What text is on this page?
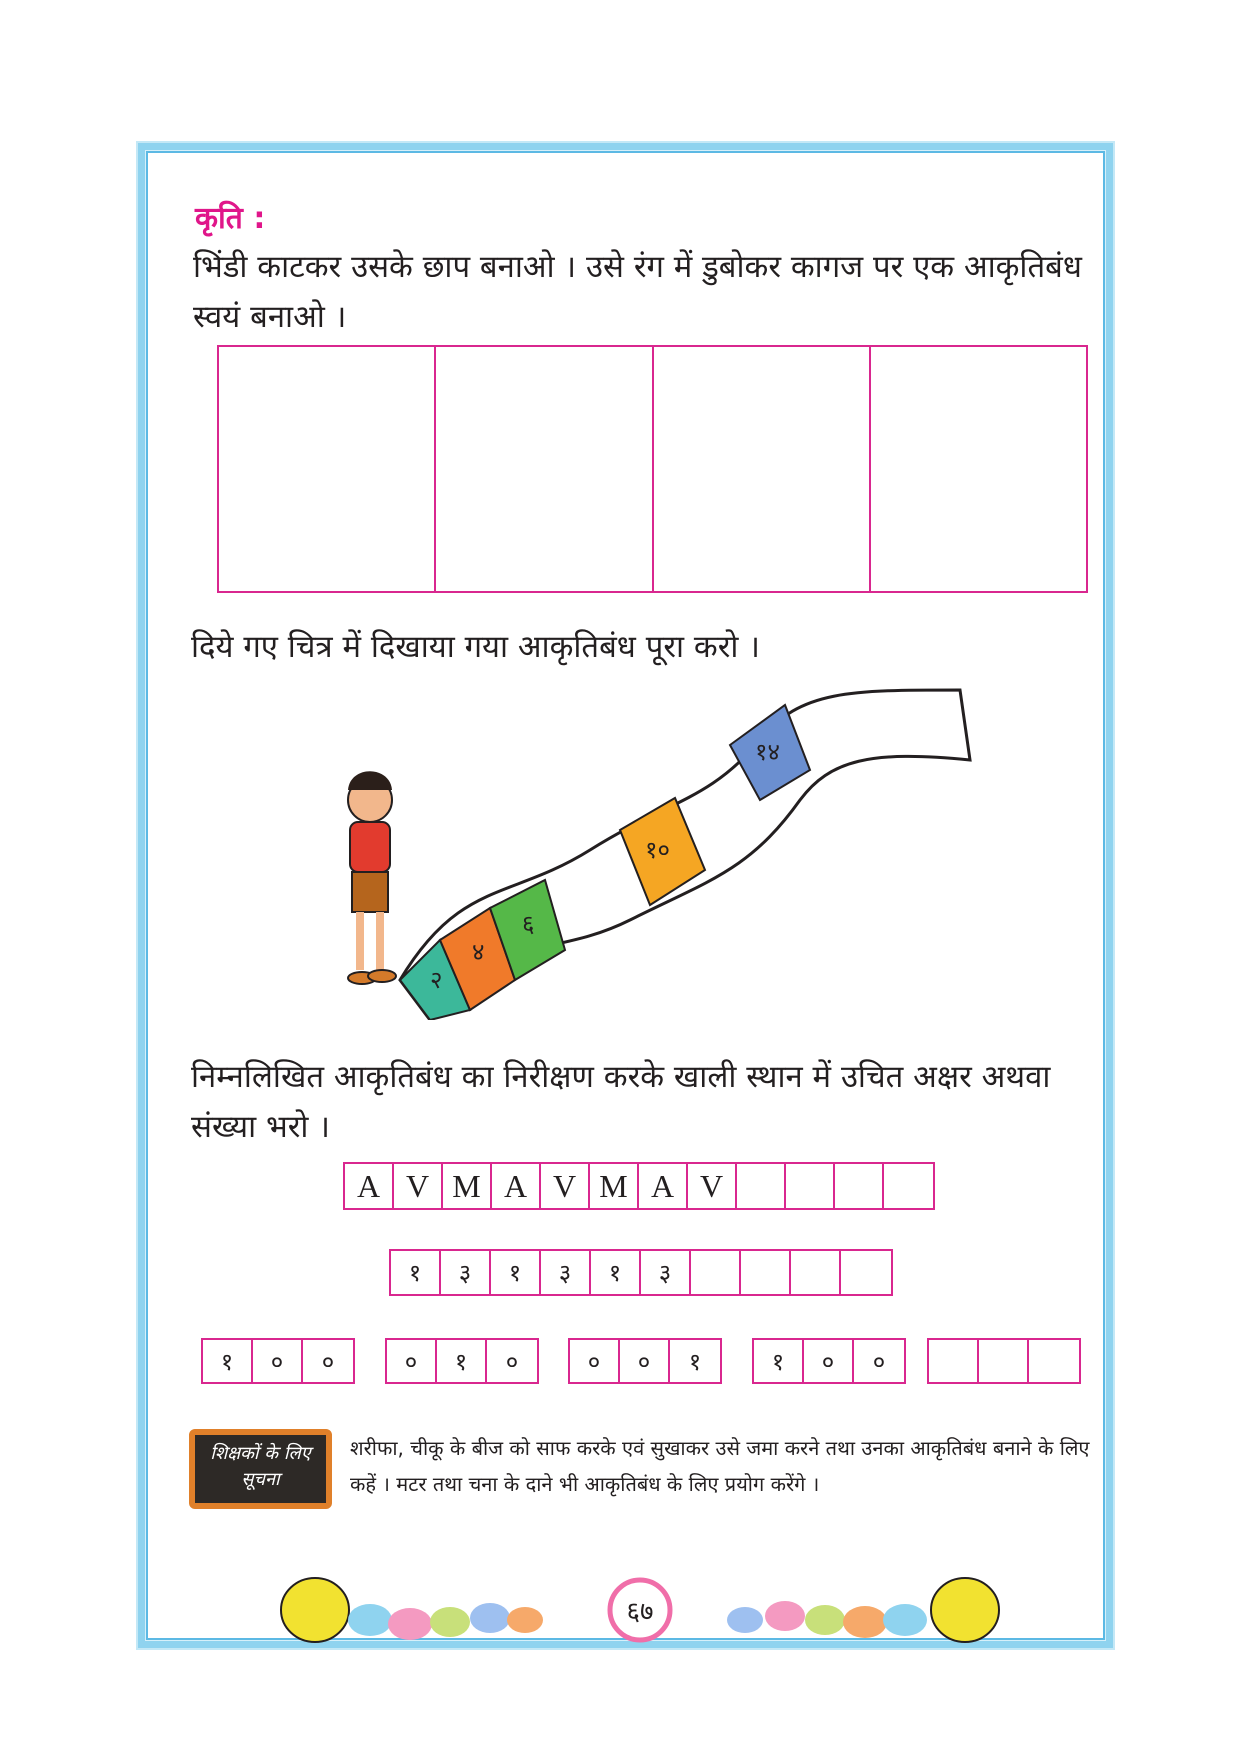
कृति :
भिंडी काटकर उसके छाप बनाओ । उसे रंग में डुबोकर कागज पर एक आकृतिबंध स्वयं बनाओ ।
दिये गए चित्र में दिखाया गया आकृतिबंध पूरा करो ।
२
४
६
१०
१४
निम्नलिखित आकृतिबंध का निरीक्षण करके खाली स्थान में उचित अक्षर अथवा संख्या भरो ।
A V M A V M A V
१	३	१	३	१	३
१	०	०	०	१	०	०	०	१	१	०	०
शिक्षकों के लिए
सूचना
शरीफा, चीकू के बीज को साफ करके एवं सुखाकर उसे जमा करने तथा उनका आकृतिबंध बनाने के लिए कहें । मटर तथा चना के दाने भी आकृतिबंध के लिए प्रयोग करेंगे ।
६७
